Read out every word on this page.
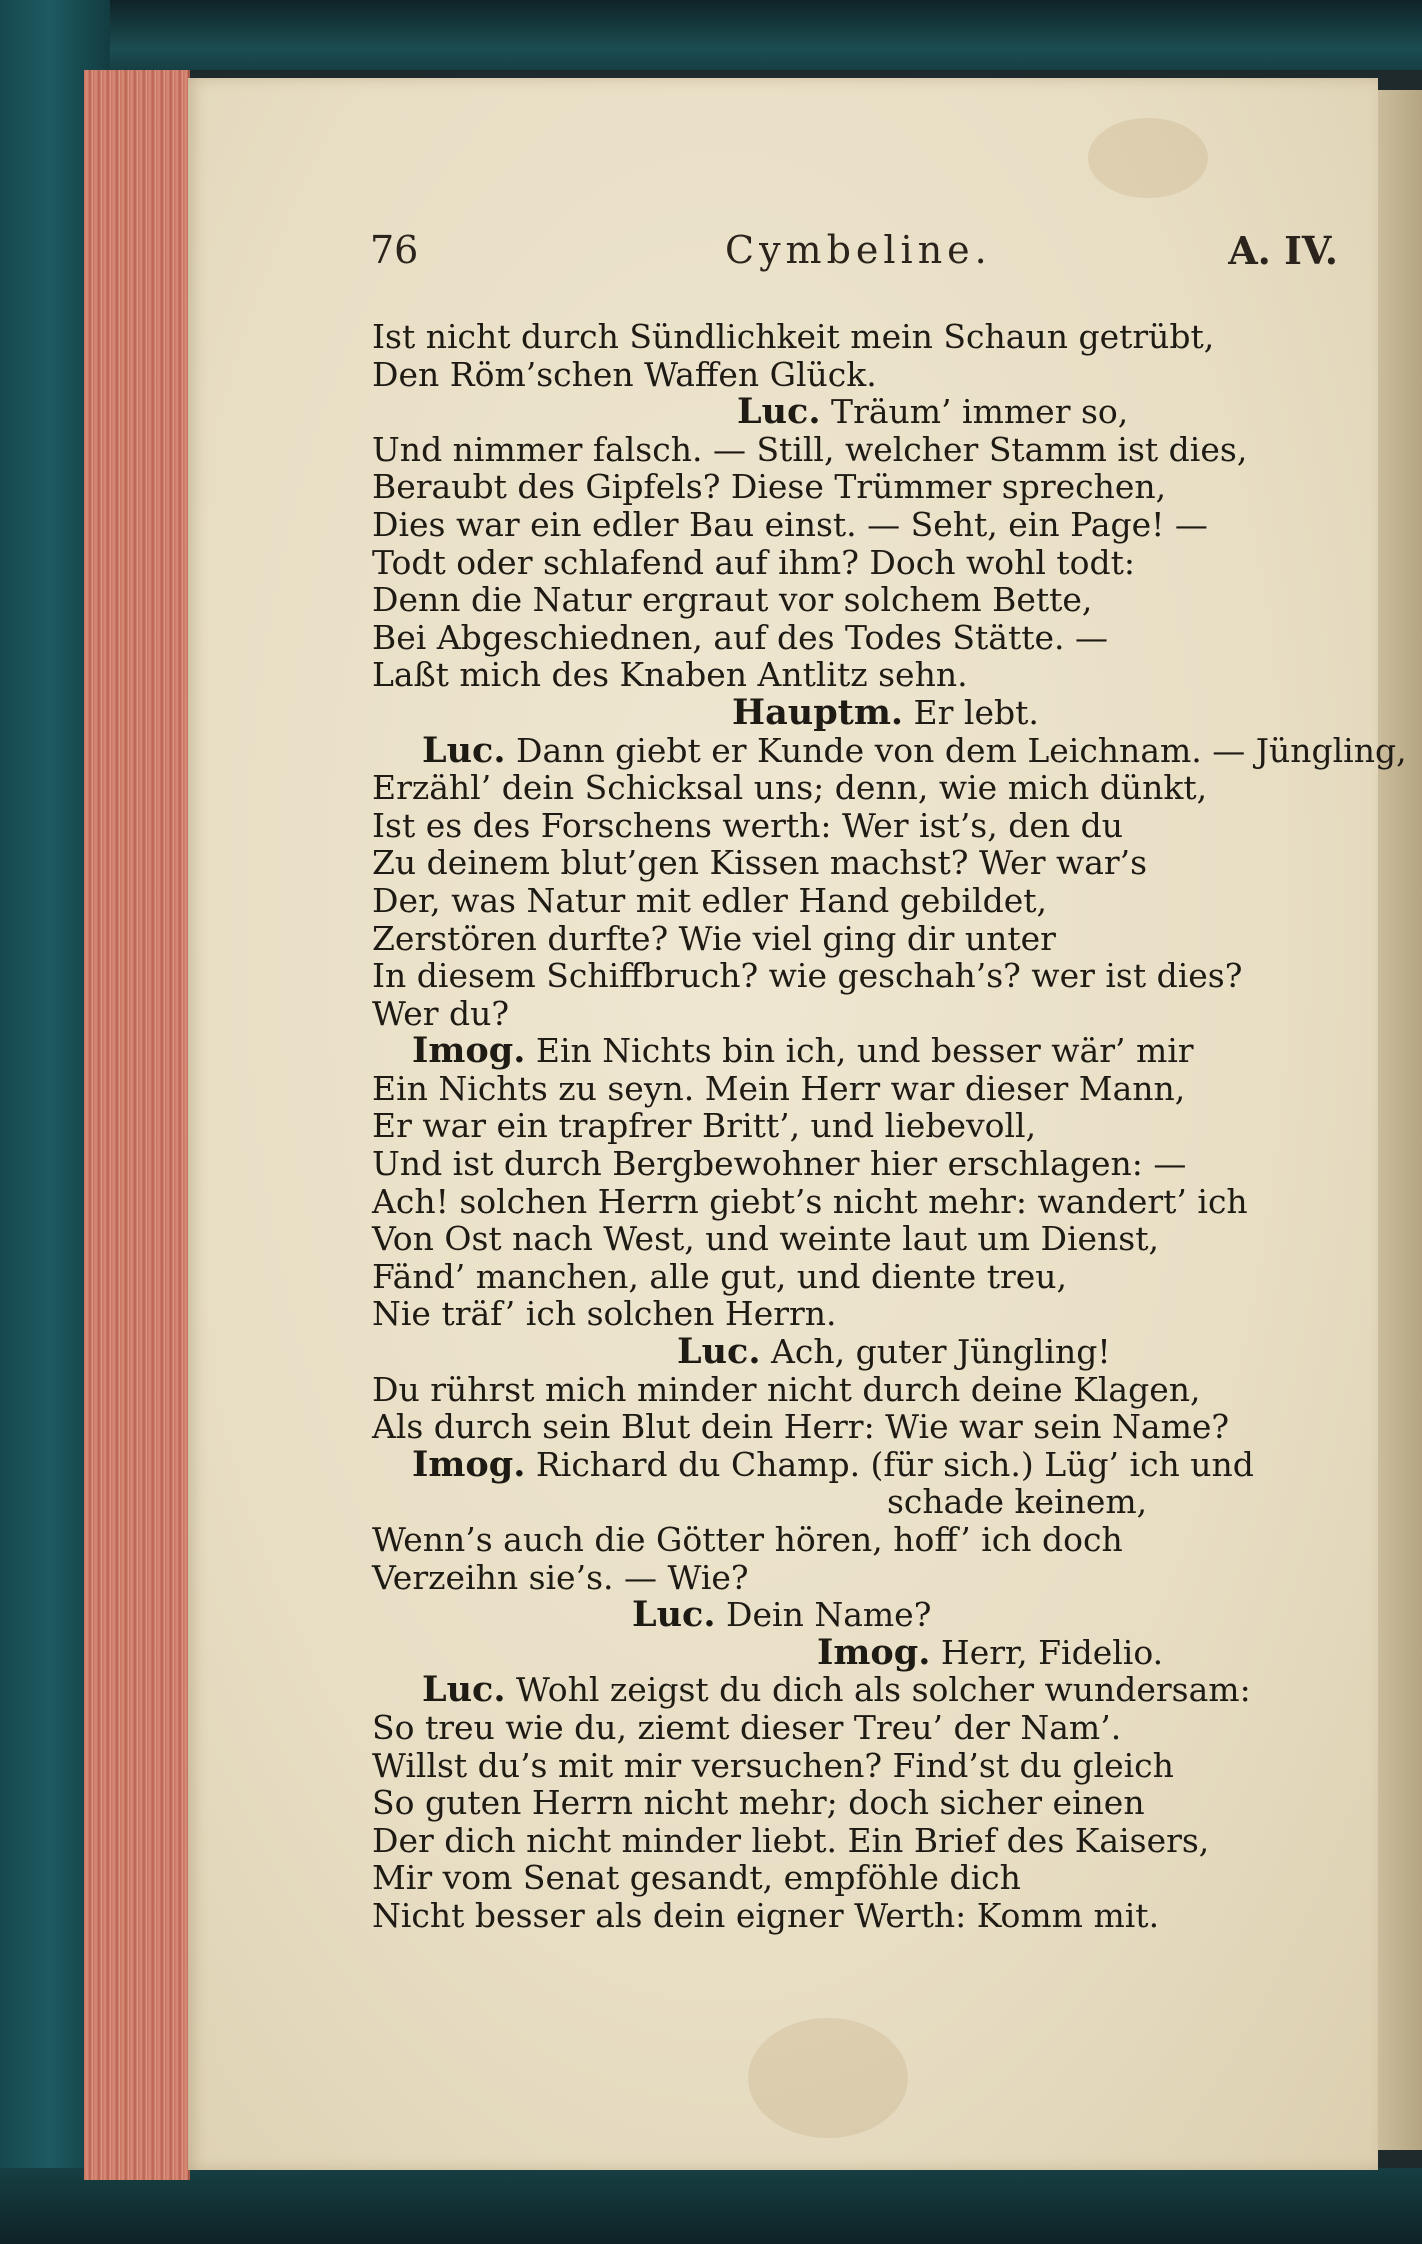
76	Cymbeline.	A. IV.
Ist nicht durch Sündlichkeit mein Schaun getrübt,
Den Röm’schen Waffen Glück.
Luc. Träum’ immer so,
Und nimmer falsch. — Still, welcher Stamm ist dies,
Beraubt des Gipfels? Diese Trümmer sprechen,
Dies war ein edler Bau einst. — Seht, ein Page! —
Todt oder schlafend auf ihm? Doch wohl todt:
Denn die Natur ergraut vor solchem Bette,
Bei Abgeschiednen, auf des Todes Stätte. —
Laßt mich des Knaben Antlitz sehn.
Hauptm. Er lebt.
Luc. Dann giebt er Kunde von dem Leichnam. — Jüngling,
Erzähl’ dein Schicksal uns; denn, wie mich dünkt,
Ist es des Forschens werth: Wer ist’s, den du
Zu deinem blut’gen Kissen machst? Wer war’s
Der, was Natur mit edler Hand gebildet,
Zerstören durfte? Wie viel ging dir unter
In diesem Schiffbruch? wie geschah’s? wer ist dies?
Wer du?
Imog. Ein Nichts bin ich, und besser wär’ mir
Ein Nichts zu seyn. Mein Herr war dieser Mann,
Er war ein trapfrer Britt’, und liebevoll,
Und ist durch Bergbewohner hier erschlagen: —
Ach! solchen Herrn giebt’s nicht mehr: wandert’ ich
Von Ost nach West, und weinte laut um Dienst,
Fänd’ manchen, alle gut, und diente treu,
Nie träf’ ich solchen Herrn.
Luc. Ach, guter Jüngling!
Du rührst mich minder nicht durch deine Klagen,
Als durch sein Blut dein Herr: Wie war sein Name?
Imog. Richard du Champ. (für sich.) Lüg’ ich und
schade keinem,
Wenn’s auch die Götter hören, hoff’ ich doch
Verzeihn sie’s. — Wie?
Luc. Dein Name?
Imog. Herr, Fidelio.
Luc. Wohl zeigst du dich als solcher wundersam:
So treu wie du, ziemt dieser Treu’ der Nam’.
Willst du’s mit mir versuchen? Find’st du gleich
So guten Herrn nicht mehr; doch sicher einen
Der dich nicht minder liebt. Ein Brief des Kaisers,
Mir vom Senat gesandt, empföhle dich
Nicht besser als dein eigner Werth: Komm mit.
